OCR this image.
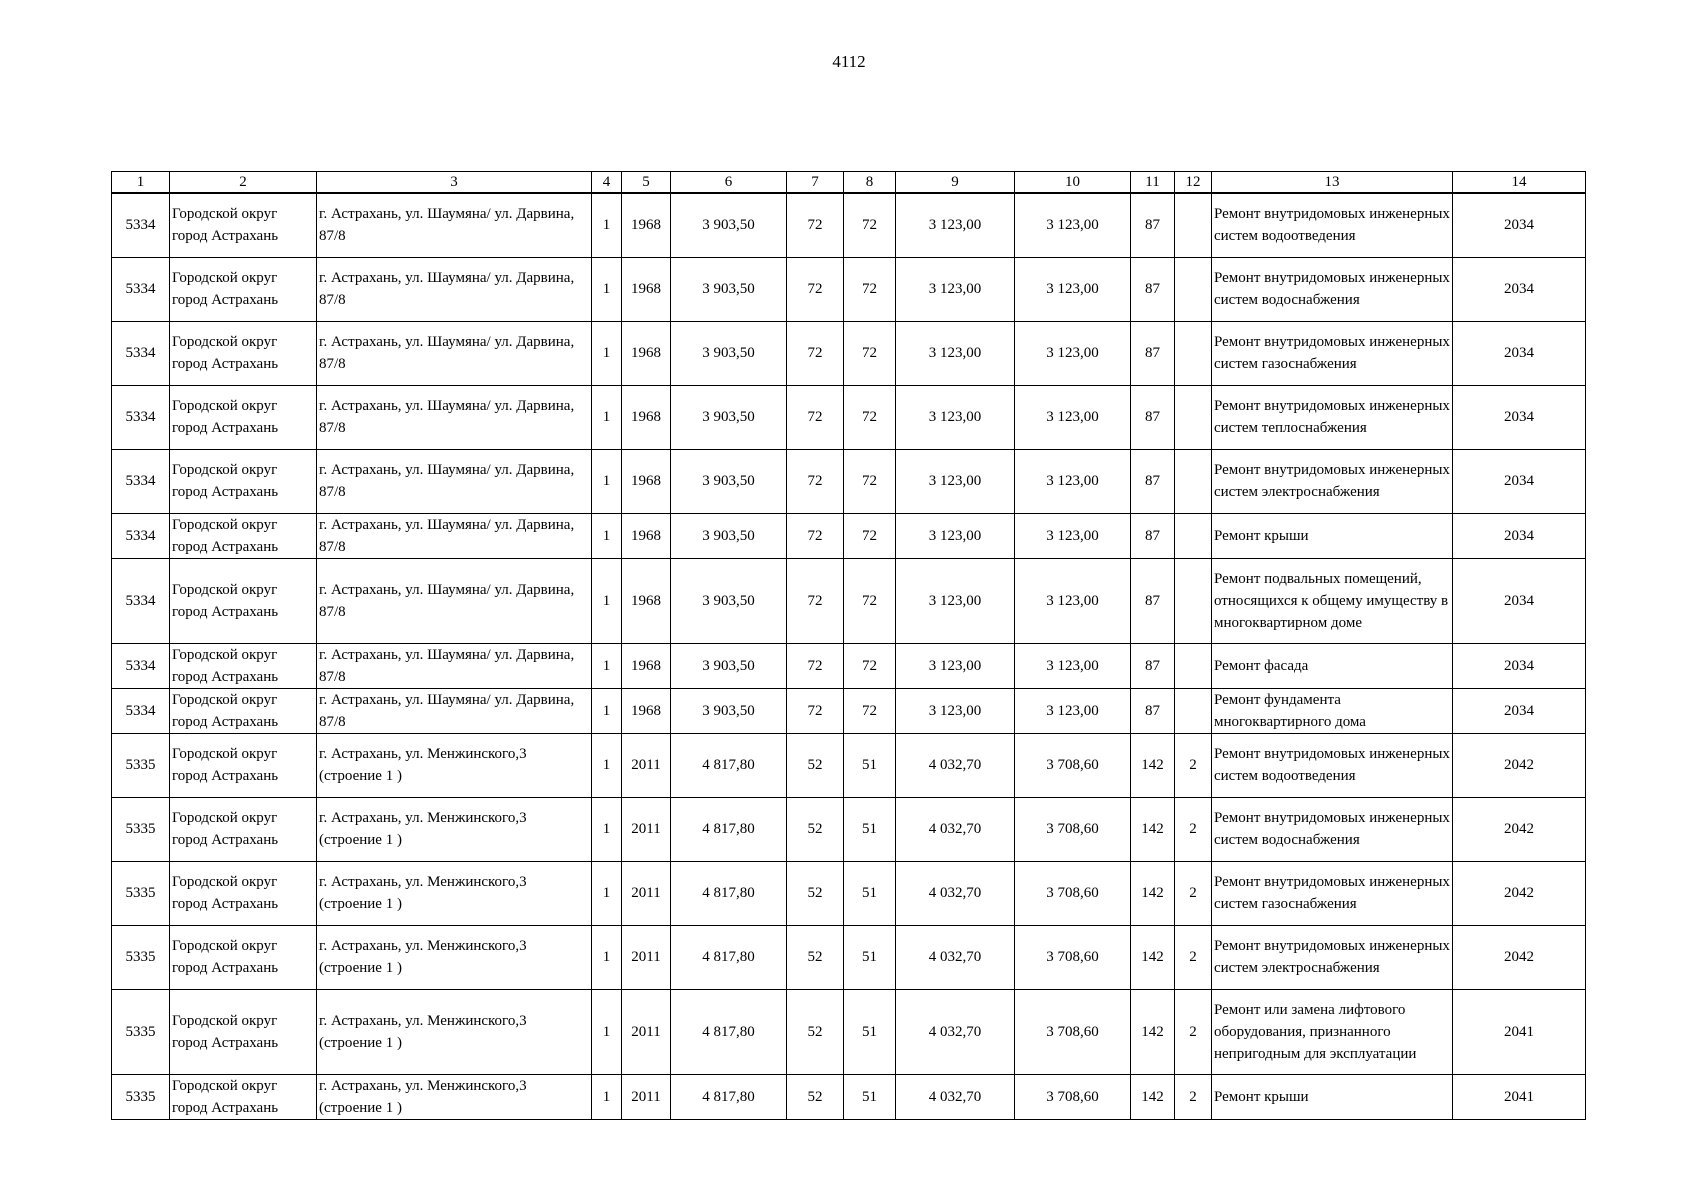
4112
1	2	3	4	5	6	7	8	9	10	11	12	13	14
5334	Городской округ город Астрахань	г. Астрахань, ул. Шаумяна/ ул. Дарвина, 87/8	1	1968	3 903,50	72	72	3 123,00	3 123,00	87		Ремонт внутридомовых инженерных систем водоотведения	2034
5334	Городской округ город Астрахань	г. Астрахань, ул. Шаумяна/ ул. Дарвина, 87/8	1	1968	3 903,50	72	72	3 123,00	3 123,00	87		Ремонт внутридомовых инженерных систем водоснабжения	2034
5334	Городской округ город Астрахань	г. Астрахань, ул. Шаумяна/ ул. Дарвина, 87/8	1	1968	3 903,50	72	72	3 123,00	3 123,00	87		Ремонт внутридомовых инженерных систем газоснабжения	2034
5334	Городской округ город Астрахань	г. Астрахань, ул. Шаумяна/ ул. Дарвина, 87/8	1	1968	3 903,50	72	72	3 123,00	3 123,00	87		Ремонт внутридомовых инженерных систем теплоснабжения	2034
5334	Городской округ город Астрахань	г. Астрахань, ул. Шаумяна/ ул. Дарвина, 87/8	1	1968	3 903,50	72	72	3 123,00	3 123,00	87		Ремонт внутридомовых инженерных систем электроснабжения	2034
5334	Городской округ город Астрахань	г. Астрахань, ул. Шаумяна/ ул. Дарвина, 87/8	1	1968	3 903,50	72	72	3 123,00	3 123,00	87		Ремонт крыши	2034
5334	Городской округ город Астрахань	г. Астрахань, ул. Шаумяна/ ул. Дарвина, 87/8	1	1968	3 903,50	72	72	3 123,00	3 123,00	87		Ремонт подвальных помещений, относящихся к общему имуществу в многоквартирном доме	2034
5334	Городской округ город Астрахань	г. Астрахань, ул. Шаумяна/ ул. Дарвина, 87/8	1	1968	3 903,50	72	72	3 123,00	3 123,00	87		Ремонт фасада	2034
5334	Городской округ город Астрахань	г. Астрахань, ул. Шаумяна/ ул. Дарвина, 87/8	1	1968	3 903,50	72	72	3 123,00	3 123,00	87		Ремонт фундамента многоквартирного дома	2034
5335	Городской округ город Астрахань	г. Астрахань, ул. Менжинского,3 (строение 1 )	1	2011	4 817,80	52	51	4 032,70	3 708,60	142	2	Ремонт внутридомовых инженерных систем водоотведения	2042
5335	Городской округ город Астрахань	г. Астрахань, ул. Менжинского,3 (строение 1 )	1	2011	4 817,80	52	51	4 032,70	3 708,60	142	2	Ремонт внутридомовых инженерных систем водоснабжения	2042
5335	Городской округ город Астрахань	г. Астрахань, ул. Менжинского,3 (строение 1 )	1	2011	4 817,80	52	51	4 032,70	3 708,60	142	2	Ремонт внутридомовых инженерных систем газоснабжения	2042
5335	Городской округ город Астрахань	г. Астрахань, ул. Менжинского,3 (строение 1 )	1	2011	4 817,80	52	51	4 032,70	3 708,60	142	2	Ремонт внутридомовых инженерных систем электроснабжения	2042
5335	Городской округ город Астрахань	г. Астрахань, ул. Менжинского,3 (строение 1 )	1	2011	4 817,80	52	51	4 032,70	3 708,60	142	2	Ремонт или замена лифтового оборудования, признанного непригодным для эксплуатации	2041
5335	Городской округ город Астрахань	г. Астрахань, ул. Менжинского,3 (строение 1 )	1	2011	4 817,80	52	51	4 032,70	3 708,60	142	2	Ремонт крыши	2041
